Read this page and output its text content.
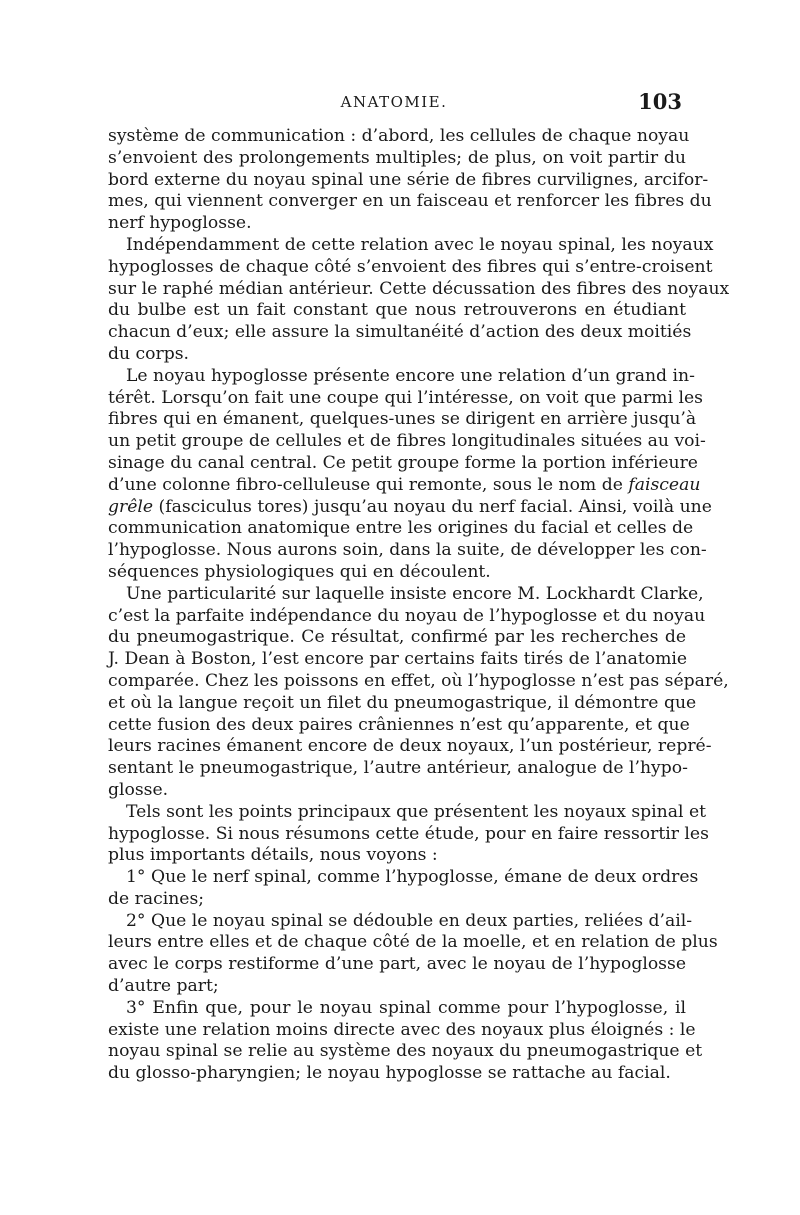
ANATOMIE.	103
système de communication : d’abord, les cellules de chaque noyau
s’envoient des prolongements multiples; de plus, on voit partir du
bord externe du noyau spinal une série de fibres curvilignes, arcifor-
mes, qui viennent converger en un faisceau et renforcer les fibres du
nerf hypoglosse.
Indépendamment de cette relation avec le noyau spinal, les noyaux
hypoglosses de chaque côté s’envoient des fibres qui s’entre-croisent
sur le raphé médian antérieur. Cette décussation des fibres des noyaux
du bulbe est un fait constant que nous retrouverons en étudiant
chacun d’eux; elle assure la simultanéité d’action des deux moitiés
du corps.
Le noyau hypoglosse présente encore une relation d’un grand in-
térêt. Lorsqu’on fait une coupe qui l’intéresse, on voit que parmi les
fibres qui en émanent, quelques-unes se dirigent en arrière jusqu’à
un petit groupe de cellules et de fibres longitudinales situées au voi-
sinage du canal central. Ce petit groupe forme la portion inférieure
d’une colonne fibro-celluleuse qui remonte, sous le nom de faisceau
grêle (fasciculus tores) jusqu’au noyau du nerf facial. Ainsi, voilà une
communication anatomique entre les origines du facial et celles de
l’hypoglosse. Nous aurons soin, dans la suite, de développer les con-
séquences physiologiques qui en découlent.
Une particularité sur laquelle insiste encore M. Lockhardt Clarke,
c’est la parfaite indépendance du noyau de l’hypoglosse et du noyau
du pneumogastrique. Ce résultat, confirmé par les recherches de
J. Dean à Boston, l’est encore par certains faits tirés de l’anatomie
comparée. Chez les poissons en effet, où l’hypoglosse n’est pas séparé,
et où la langue reçoit un filet du pneumogastrique, il démontre que
cette fusion des deux paires crâniennes n’est qu’apparente, et que
leurs racines émanent encore de deux noyaux, l’un postérieur, repré-
sentant le pneumogastrique, l’autre antérieur, analogue de l’hypo-
glosse.
Tels sont les points principaux que présentent les noyaux spinal et
hypoglosse. Si nous résumons cette étude, pour en faire ressortir les
plus importants détails, nous voyons :
1° Que le nerf spinal, comme l’hypoglosse, émane de deux ordres
de racines;
2° Que le noyau spinal se dédouble en deux parties, reliées d’ail-
leurs entre elles et de chaque côté de la moelle, et en relation de plus
avec le corps restiforme d’une part, avec le noyau de l’hypoglosse
d’autre part;
3° Enfin que, pour le noyau spinal comme pour l’hypoglosse, il
existe une relation moins directe avec des noyaux plus éloignés : le
noyau spinal se relie au système des noyaux du pneumogastrique et
du glosso-pharyngien; le noyau hypoglosse se rattache au facial.
